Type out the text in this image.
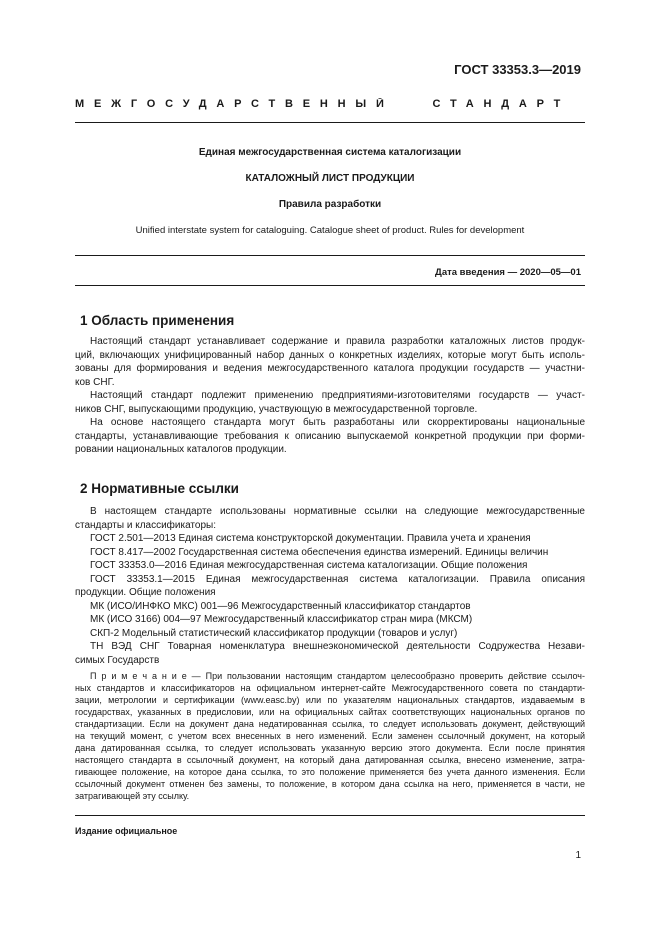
ГОСТ 33353.3—2019
МЕЖГОСУДАРСТВЕННЫЙ СТАНДАРТ
Единая межгосударственная система каталогизации
КАТАЛОЖНЫЙ ЛИСТ ПРОДУКЦИИ
Правила разработки
Unified interstate system for cataloguing. Catalogue sheet of product. Rules for development
Дата введения — 2020—05—01
1 Область применения
Настоящий стандарт устанавливает содержание и правила разработки каталожных листов продук-
ций, включающих унифицированный набор данных о конкретных изделиях, которые могут быть исполь-
зованы для формирования и ведения межгосударственного каталога продукции государств — участни-
ков СНГ.
Настоящий стандарт подлежит применению предприятиями-изготовителями государств — участ-
ников СНГ, выпускающими продукцию, участвующую в межгосударственной торговле.
На основе настоящего стандарта могут быть разработаны или скорректированы национальные
стандарты, устанавливающие требования к описанию выпускаемой конкретной продукции при форми-
ровании национальных каталогов продукции.
2 Нормативные ссылки
В настоящем стандарте использованы нормативные ссылки на следующие межгосударственные
стандарты и классификаторы:
ГОСТ 2.501—2013 Единая система конструкторской документации. Правила учета и хранения
ГОСТ 8.417—2002 Государственная система обеспечения единства измерений. Единицы величин
ГОСТ 33353.0—2016 Единая межгосударственная система каталогизации. Общие положения
ГОСТ 33353.1—2015 Единая межгосударственная система каталогизации. Правила описания
продукции. Общие положения
МК (ИСО/ИНФКО МКС) 001—96 Межгосударственный классификатор стандартов
МК (ИСО 3166) 004—97 Межгосударственный классификатор стран мира (МКСМ)
СКП-2 Модельный статистический классификатор продукции (товаров и услуг)
ТН ВЭД СНГ Товарная номенклатура внешнеэкономической деятельности Содружества Незави-
симых Государств
П р и м е ч а н и е — При пользовании настоящим стандартом целесообразно проверить действие ссылоч-
ных стандартов и классификаторов на официальном интернет-сайте Межгосударственного совета по стандарти-
зации, метрологии и сертификации (www.easc.by) или по указателям национальных стандартов, издаваемым в
государствах, указанных в предисловии, или на официальных сайтах соответствующих национальных органов по
стандартизации. Если на документ дана недатированная ссылка, то следует использовать документ, действующий
на текущий момент, с учетом всех внесенных в него изменений. Если заменен ссылочный документ, на который
дана датированная ссылка, то следует использовать указанную версию этого документа. Если после принятия
настоящего стандарта в ссылочный документ, на который дана датированная ссылка, внесено изменение, затра-
гивающее положение, на которое дана ссылка, то это положение применяется без учета данного изменения. Если
ссылочный документ отменен без замены, то положение, в котором дана ссылка на него, применяется в части, не
затрагивающей эту ссылку.
Издание официальное
1
